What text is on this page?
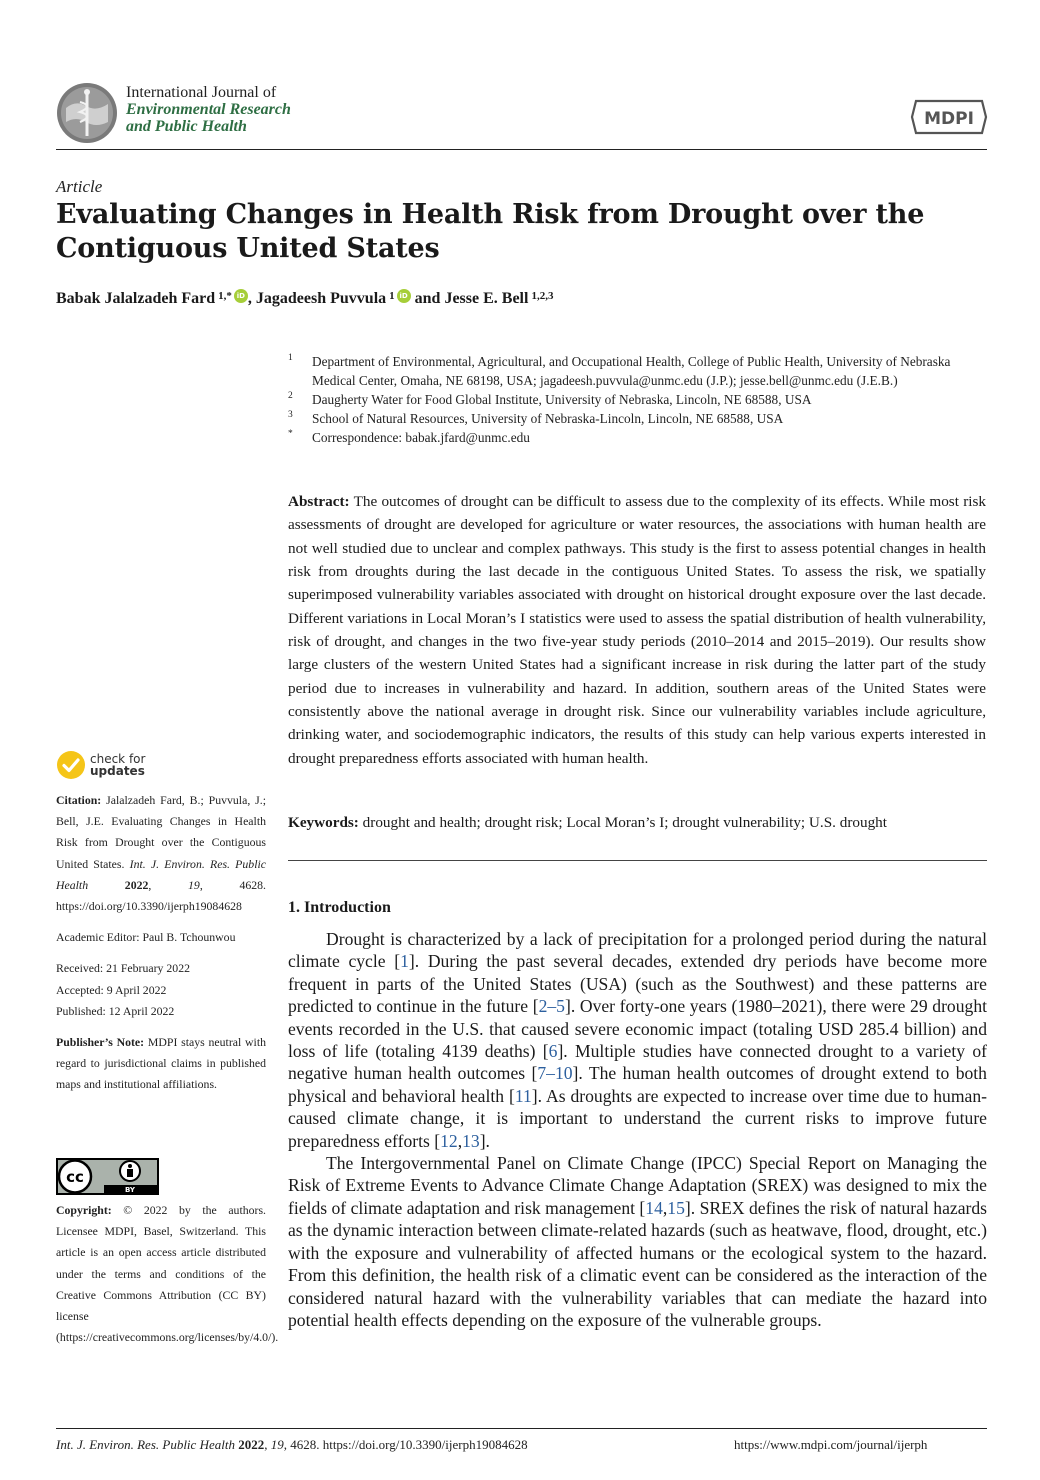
International Journal of
Environmental Research
and Public Health	MDPI
Article
Evaluating Changes in Health Risk from Drought over the Contiguous United States
Babak Jalalzadeh Fard $^{1,*}$ iD , Jagadeesh Puvvula $^1$ iD and Jesse E. Bell $^{1,2,3}$
1 Department of Environmental, Agricultural, and Occupational Health, College of Public Health, University of Nebraska Medical Center, Omaha, NE 68198, USA; jagadeesh.puvvula@unmc.edu (J.P.); jesse.bell@unmc.edu (J.E.B.)
2 Daugherty Water for Food Global Institute, University of Nebraska, Lincoln, NE 68588, USA
3 School of Natural Resources, University of Nebraska-Lincoln, Lincoln, NE 68588, USA
* Correspondence: babak.jfard@unmc.edu
Abstract: The outcomes of drought can be difficult to assess due to the complexity of its effects. While most risk assessments of drought are developed for agriculture or water resources, the associations with human health are not well studied due to unclear and complex pathways. This study is the first to assess potential changes in health risk from droughts during the last decade in the contiguous United States. To assess the risk, we spatially superimposed vulnerability variables associated with drought on historical drought exposure over the last decade. Different variations in Local Moran’s I statistics were used to assess the spatial distribution of health vulnerability, risk of drought, and changes in the two five-year study periods (2010–2014 and 2015–2019). Our results show large clusters of the western United States had a significant increase in risk during the latter part of the study period due to increases in vulnerability and hazard. In addition, southern areas of the United States were consistently above the national average in drought risk. Since our vulnerability variables include agriculture, drinking water, and sociodemographic indicators, the results of this study can help various experts interested in drought preparedness efforts associated with human health.
Keywords: drought and health; drought risk; Local Moran’s I; drought vulnerability; U.S. drought
1. Introduction

Drought is characterized by a lack of precipitation for a prolonged period during the natural climate cycle [1]. During the past several decades, extended dry periods have become more frequent in parts of the United States (USA) (such as the Southwest) and these patterns are predicted to continue in the future [2–5]. Over forty-one years (1980–2021), there were 29 drought events recorded in the U.S. that caused severe economic impact (totaling USD 285.4 billion) and loss of life (totaling 4139 deaths) [6]. Multiple studies have connected drought to a variety of negative human health outcomes [7–10]. The human health outcomes of drought extend to both physical and behavioral health [11]. As droughts are expected to increase over time due to human-caused climate change, it is important to understand the current risks to improve future preparedness efforts [12,13].

The Intergovernmental Panel on Climate Change (IPCC) Special Report on Managing the Risk of Extreme Events to Advance Climate Change Adaptation (SREX) was designed to mix the fields of climate adaptation and risk management [14,15]. SREX defines the risk of natural hazards as the dynamic interaction between climate-related hazards (such as heatwave, flood, drought, etc.) with the exposure and vulnerability of affected humans or the ecological system to the hazard. From this definition, the health risk of a climatic event can be considered as the interaction of the considered natural hazard with the vulnerability variables that can mediate the hazard into potential health effects depending on the exposure of the vulnerable groups.

check for
updates

Citation: Jalalzadeh Fard, B.; Puvvula, J.; Bell, J.E. Evaluating Changes in Health Risk from Drought over the Contiguous United States. Int. J. Environ. Res. Public Health	2022, 19, 4628. https://doi.org/10.3390/ijerph19084628

Academic Editor: Paul B. Tchounwou

Received: 21 February 2022

Accepted: 9 April 2022

Published: 12 April 2022

Publisher’s Note: MDPI stays neutral with regard to jurisdictional claims in published maps and institutional affiliations.

cc
BY
Copyright: © 2022 by the authors. Licensee MDPI, Basel, Switzerland. This article is an open access article distributed under the terms and conditions of the Creative Commons Attribution (CC BY) license (https://creativecommons.org/licenses/by/4.0/).
Int. J. Environ. Res. Public Health 2022, 19, 4628. https://doi.org/10.3390/ijerph19084628	https://www.mdpi.com/journal/ijerph
